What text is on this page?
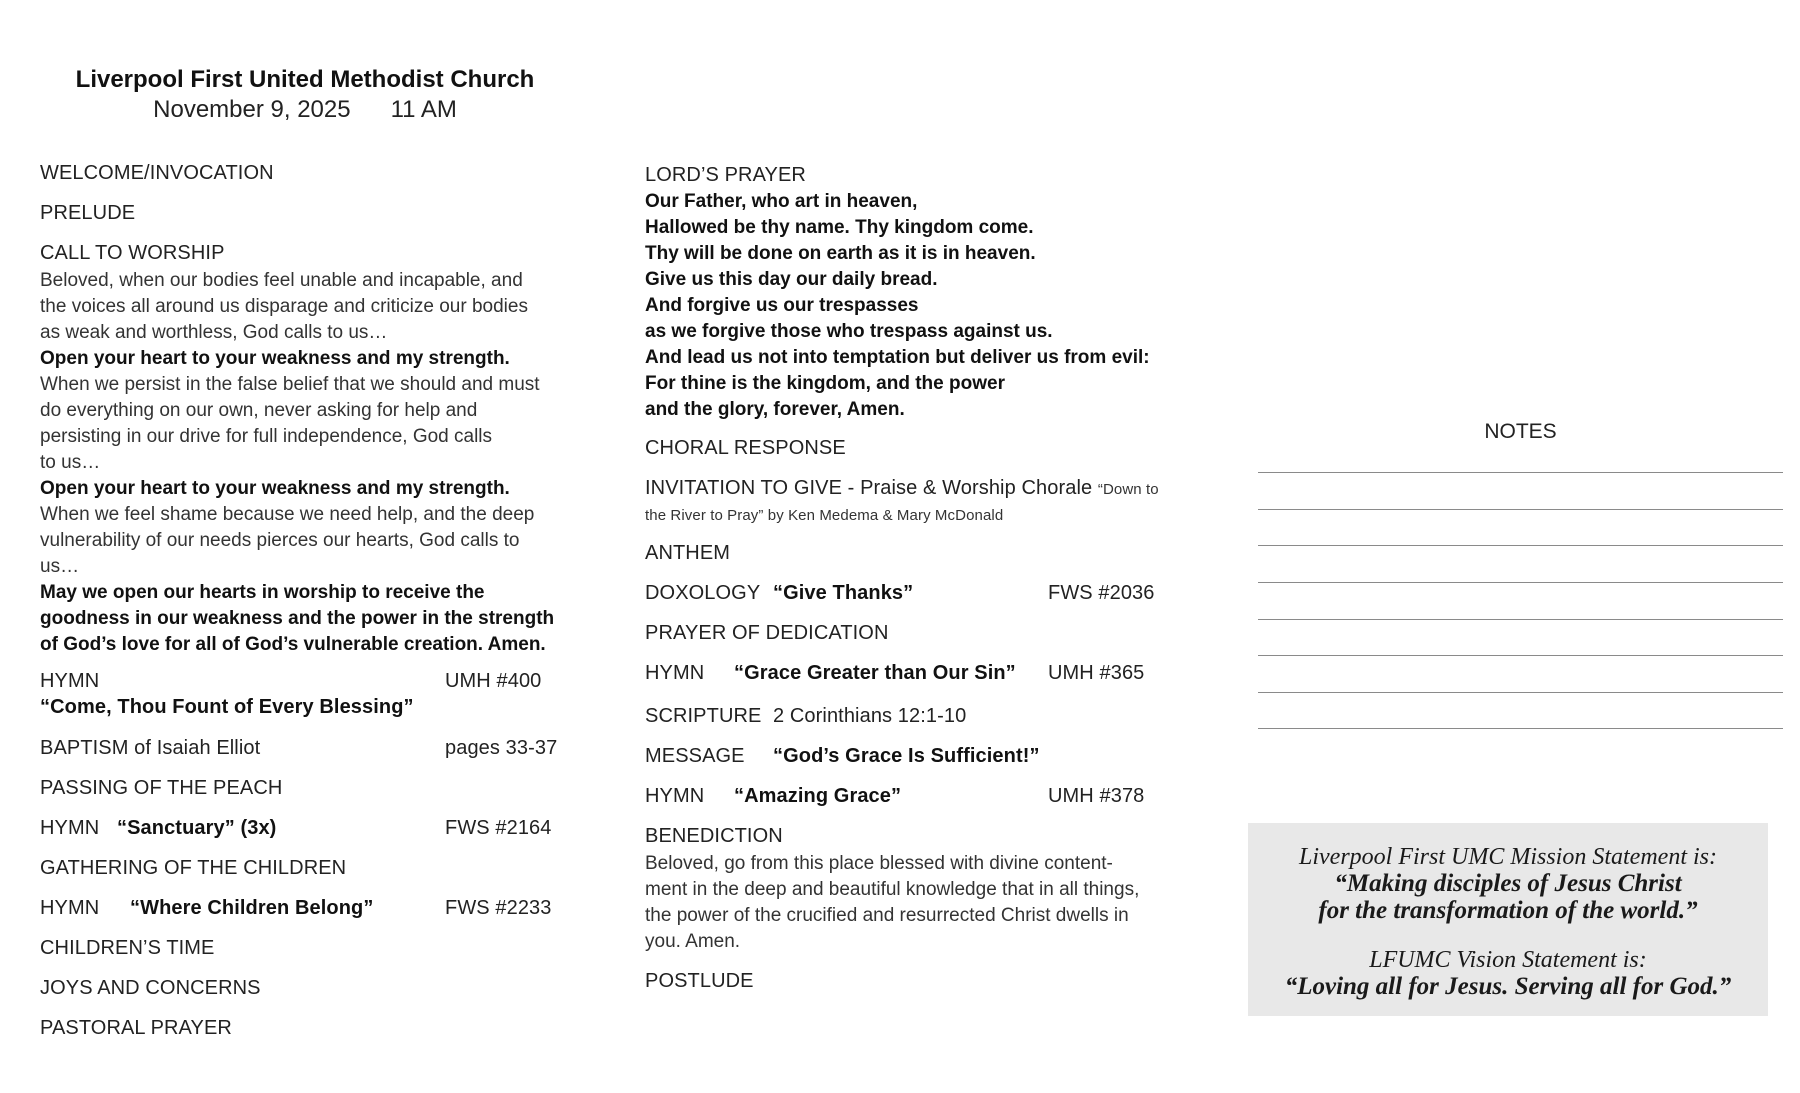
Liverpool First United Methodist Church
November 9, 2025 11 AM
WELCOME/INVOCATION
PRELUDE
CALL TO WORSHIP
Beloved, when our bodies feel unable and incapable, and
the voices all around us disparage and criticize our bodies
as weak and worthless, God calls to us…
Open your heart to your weakness and my strength.
When we persist in the false belief that we should and must
do everything on our own, never asking for help and
persisting in our drive for full independence, God calls
to us…
Open your heart to your weakness and my strength.
When we feel shame because we need help, and the deep
vulnerability of our needs pierces our hearts, God calls to
us…
May we open our hearts in worship to receive the
goodness in our weakness and the power in the strength
of God’s love for all of God’s vulnerable creation. Amen.
HYMN	UMH #400
“Come, Thou Fount of Every Blessing”
BAPTISM of Isaiah Elliot	pages 33-37
PASSING OF THE PEACH
HYMN “Sanctuary” (3x)	FWS #2164
GATHERING OF THE CHILDREN
HYMN “Where Children Belong”	FWS #2233
CHILDREN’S TIME
JOYS AND CONCERNS
PASTORAL PRAYER
LORD’S PRAYER
Our Father, who art in heaven,
Hallowed be thy name. Thy kingdom come.
Thy will be done on earth as it is in heaven.
Give us this day our daily bread.
And forgive us our trespasses
as we forgive those who trespass against us.
And lead us not into temptation but deliver us from evil:
For thine is the kingdom, and the power
and the glory, forever, Amen.
CHORAL RESPONSE
INVITATION TO GIVE - Praise & Worship Chorale “Down to
the River to Pray” by Ken Medema & Mary McDonald
ANTHEM
DOXOLOGY “Give Thanks”	FWS #2036
PRAYER OF DEDICATION
HYMN “Grace Greater than Our Sin” UMH #365
SCRIPTURE 2 Corinthians 12:1-10
MESSAGE “God’s Grace Is Sufficient!”
HYMN “Amazing Grace”	UMH #378
BENEDICTION
Beloved, go from this place blessed with divine content-
ment in the deep and beautiful knowledge that in all things,
the power of the crucified and resurrected Christ dwells in
you. Amen.
POSTLUDE
NOTES
Liverpool First UMC Mission Statement is:
“Making disciples of Jesus Christ
for the transformation of the world.”
LFUMC Vision Statement is:
“Loving all for Jesus. Serving all for God.”
